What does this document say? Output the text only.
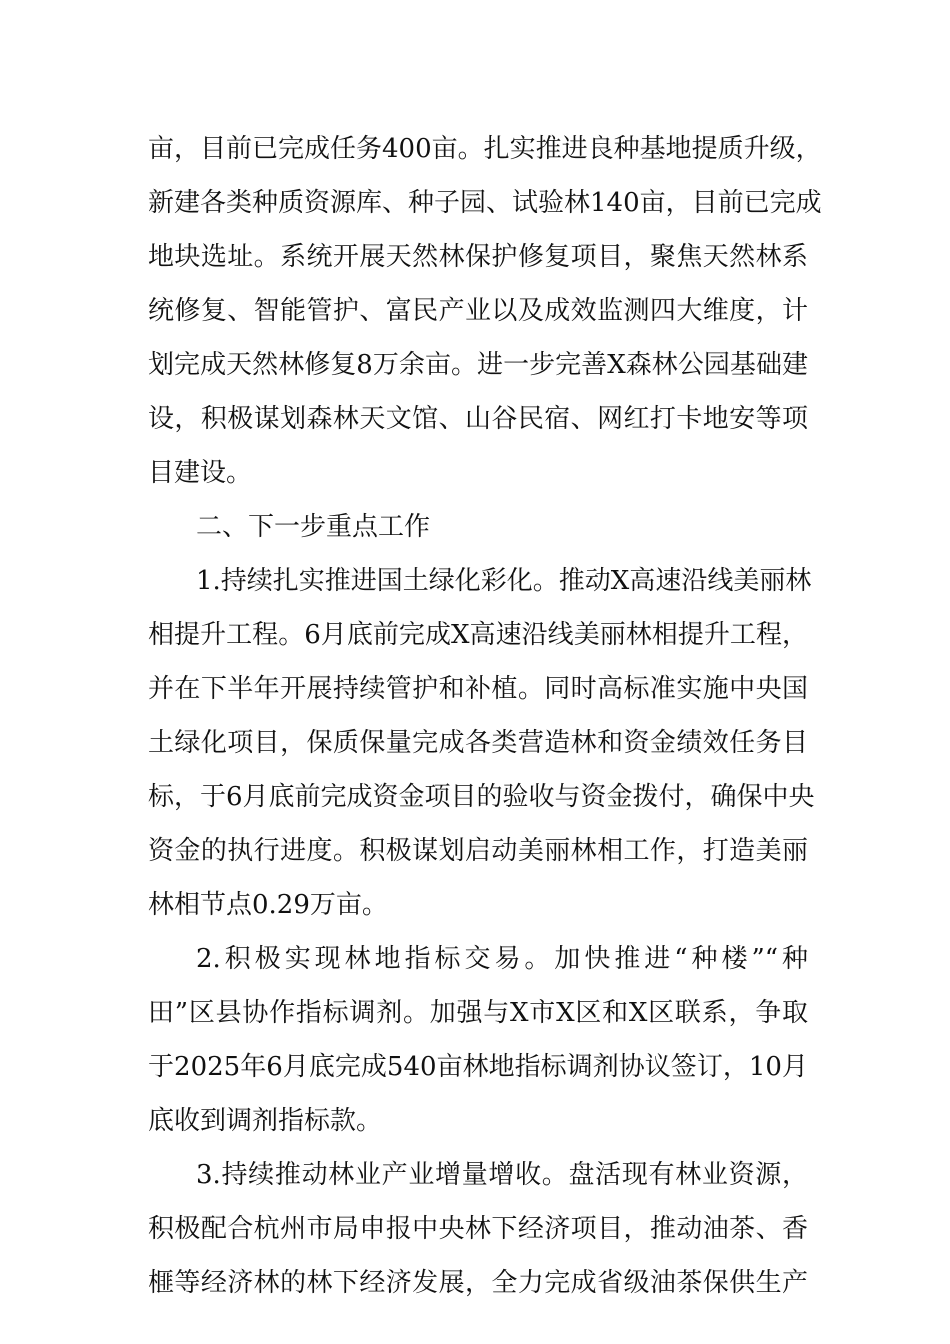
亩，目前已完成任务400亩。扎实推进良种基地提质升级，

新建各类种质资源库、种子园、试验林140亩，目前已完成

地块选址。系统开展天然林保护修复项目，聚焦天然林系

统修复、智能管护、富民产业以及成效监测四大维度，计

划完成天然林修复8万余亩。进一步完善X森林公园基础建

设，积极谋划森林天文馆、山谷民宿、网红打卡地安等项

目建设。

二、下一步重点工作

1.持续扎实推进国土绿化彩化。推动X高速沿线美丽林

相提升工程。6月底前完成X高速沿线美丽林相提升工程，

并在下半年开展持续管护和补植。同时高标准实施中央国

土绿化项目，保质保量完成各类营造林和资金绩效任务目

标，于6月底前完成资金项目的验收与资金拨付，确保中央

资金的执行进度。积极谋划启动美丽林相工作，打造美丽

林相节点0.29万亩。

2.积极实现林地指标交易。加快推进“种楼”“种

田”区县协作指标调剂。加强与X市X区和X区联系，争取

于2025年6月底完成540亩林地指标调剂协议签订，10月

底收到调剂指标款。

3.持续推动林业产业增量增收。盘活现有林业资源，

积极配合杭州市局申报中央林下经济项目，推动油茶、香

榧等经济林的林下经济发展，全力完成省级油茶保供生产
